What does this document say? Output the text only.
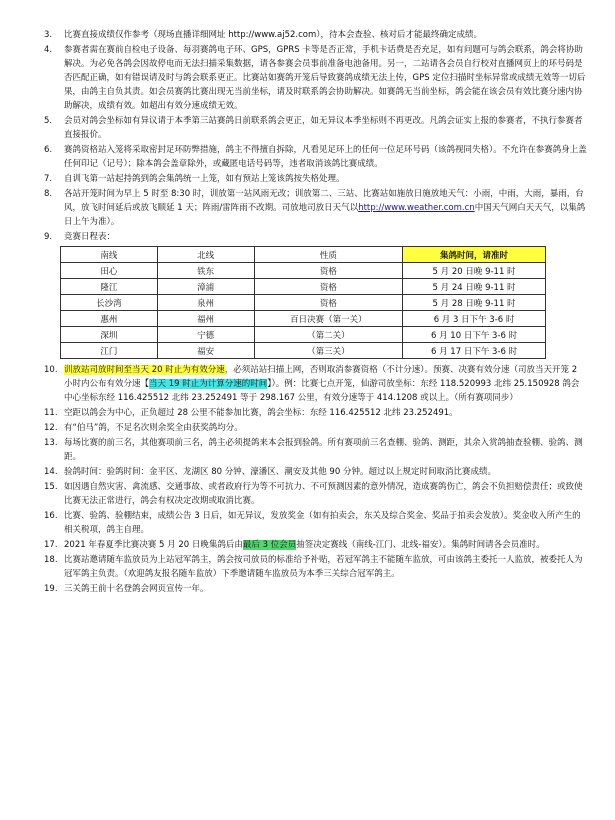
3. 比赛直接成绩仅作参考（现场直播详细网址 http://www.aj52.com），待本会查验、核对后才能最终确定成绩。
4. 参赛者需在赛前自检电子设备、每羽赛鸽电子环、GPS，GPRS 卡等是否正常，手机卡话费是否充足，如有问题可与鸽会联系，鸽会将协助解决。为必免各鸽会因故停电而无法扫描采集数据，请各参赛会员事前准备电池备用。另一，二站请各会员自行校对直播网页上的环号码是否匹配正确，如有错误请及时与鸽会联系更正。比赛站如赛鸽开笼后导致赛鸽成绩无法上传，GPS 定位扫描时坐标异常或成绩无效等一切后果，由鸽主自负其责。如会员赛鸽比赛出现无当前坐标，请及时联系鸽会协助解决。如赛鸽无当前坐标，鸽会能在该会员有效比赛分速内协助解决，成绩有效。如超出有效分速成绩无效。
5. 会员对鸽会坐标如有异议请于本季第三站赛鸽日前联系鸽会更正，如无异议本季坐标则不再更改。凡鸽会证实上报的参赛者，不执行参赛者直接报价。
6. 赛鸽资格站入笼将采取密封足环防弊措施，鸽主不得擅自拆除，凡看见足环上的任何一位足环号码（该鸽视同失格）。不允许在参赛鸽身上盖任何印记（记号）；除本鸽会盖章除外，或藏匿电话号码等，违者取消该鸽比赛成绩。
7. 自训飞第一站起持鸽到鸽会集鸽统一上笼，如有预站上笼该鸽按失格处理。
8. 各站开笼时间为早上 5 时至 8:30 时，训放第一站风雨无改；训放第二、三站、比赛站如施放日施放地天气：小雨，中雨，大雨，暴雨，台风，放飞时间延后或放飞顺延 1 天；阵雨/雷阵雨不改期。司放地司放日天气以http://www.weather.com.cn中国天气网白天天气，以集鸽日上午为准）。
9. 竞赛日程表：
南线	北线	性质	集鸽时间，请准时
田心	铁东	资格	5 月 20 日晚 9-11 时
隆江	漳浦	资格	5 月 24 日晚 9-11 时
长沙湾	泉州	资格	5 月 28 日晚 9-11 时
惠州	福州	百日决赛（第一关）	6 月 3 日下午 3-6 时
深圳	宁德	（第二关）	6 月 10 日下午 3-6 时
江门	福安	（第三关）	6 月 17 日下午 3-6 时
10. 训放站司放时间至当天 20 时止为有效分速，必须站站扫描上网，否则取消参赛资格（不计分速）。预赛、决赛有效分速（司放当天开笼 2 小时内公布有效分速【当天 19 时止为计算分速的时间】）。例：比赛七点开笼，仙游司放坐标：东经 118.520993 北纬 25.150928 鸽会中心坐标东经 116.425512 北纬 23.252491 等于 298.167 公里，有效分速等于 414.1208 或以上。（所有赛项同步）
11. 空距以鸽会为中心，正负超过 28 公里不能参加比赛，鸽会坐标：东经 116.425512 北纬 23.252491。
12. 有“伯马”鸽，不足名次则余奖全由获奖鸽均分。
13. 每场比赛的前三名，其他赛项前三名，鸽主必须提鸽来本会报到验鸽。所有赛项前三名查棚、验鸽、测距，其余入赏鸽抽查验棚、验鸽、测距。
14. 验鸽时间：验鸽时间：金平区、龙湖区 80 分钟、濠潘区、潮安及其他 90 分钟。超过以上规定时间取消比赛成绩。
15. 如因遇自然灾害、禽流感、交通事故、或者政府行为等不可抗力、不可预测因素的意外情况，造成赛鸽伤亡，鸽会不负担赔偿责任；或致使比赛无法正常进行，鸽会有权决定改期或取消比赛。
16. 比赛、验鸽、验棚结束，成绩公告 3 日后，如无异议，发放奖金（如有拍卖会，东关及综合奖金、奖品于拍卖会发放）。奖金收入所产生的相关税项，鸽主自理。
17. 2021 年春夏季比赛决赛 5 月 20 日晚集鸽后由最后 3 位会员抽签决定赛线（南线-江门、北线-福安）。集鸽时间请各会员准时。
18. 比赛站邀请随车监放员为上站冠军鸽主，鸽会按司放员的标准给予补贴，若冠军鸽主不能随车监放，可由该鸽主委托一人监放，被委托人为冠军鸽主负责。（欢迎鸽友报名随车监放）下季邀请随车监放员为本季三关综合冠军鸽主。
19. 三关鸽王前十名登鸽会网页宣传一年。
